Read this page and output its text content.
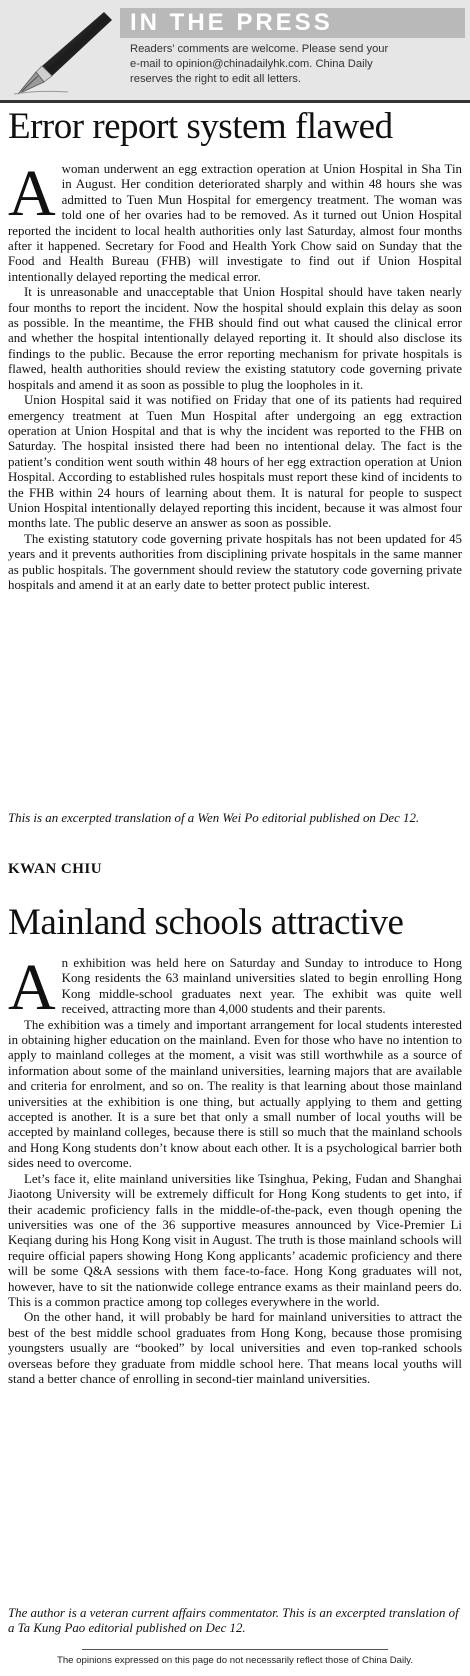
IN THE PRESS
Readers’ comments are welcome. Please send your
e-mail to opinion@chinadailyhk.com. China Daily
reserves the right to edit all letters.
Error report system flawed

Awoman underwent an egg extraction operation at Union Hospital in Sha Tin in August. Her condition deteriorated sharply and within 48 hours she was admitted to Tuen Mun Hospital for emergency treatment. The woman was told one of her ovaries had to be removed. As it turned out Union Hospital reported the incident to local health authorities only last Saturday, almost four months after it happened. Secretary for Food and Health York Chow said on Sunday that the Food and Health Bureau (FHB) will investigate to find out if Union Hospital intentionally delayed reporting the medical error.

It is unreasonable and unacceptable that Union Hospital should have taken nearly four months to report the incident. Now the hospital should explain this delay as soon as possible. In the meantime, the FHB should find out what caused the clinical error and whether the hospital intentionally delayed reporting it. It should also disclose its findings to the public. Because the error reporting mechanism for private hospitals is flawed, health authorities should review the existing statutory code governing private hospitals and amend it as soon as possible to plug the loopholes in it.

Union Hospital said it was notified on Friday that one of its patients had required emergency treatment at Tuen Mun Hospital after undergoing an egg extraction operation at Union Hospital and that is why the incident was reported to the FHB on Saturday. The hospital insisted there had been no intentional delay. The fact is the patient’s condition went south within 48 hours of her egg extraction operation at Union Hospital. According to established rules hospitals must report these kind of incidents to the FHB within 24 hours of learning about them. It is natural for people to suspect Union Hospital intentionally delayed reporting this incident, because it was almost four months late. The public deserve an answer as soon as possible.

The existing statutory code governing private hospitals has not been updated for 45 years and it prevents authorities from disciplining private hospitals in the same manner as public hospitals. The government should review the statutory code governing private hospitals and amend it at an early date to better protect public interest.

This is an excerpted translation of a Wen Wei Po editorial published on Dec 12.
KWAN CHIU
Mainland schools attractive

An exhibition was held here on Saturday and Sunday to introduce to Hong Kong residents the 63 mainland universities slated to begin enrolling Hong Kong middle-school graduates next year. The exhibit was quite well received, attracting more than 4,000 students and their parents.

The exhibition was a timely and important arrangement for local students interested in obtaining higher education on the mainland. Even for those who have no intention to apply to mainland colleges at the moment, a visit was still worthwhile as a source of information about some of the mainland universities, learning majors that are available and criteria for enrolment, and so on. The reality is that learning about those mainland universities at the exhibition is one thing, but actually applying to them and getting accepted is another. It is a sure bet that only a small number of local youths will be accepted by mainland colleges, because there is still so much that the mainland schools and Hong Kong students don’t know about each other. It is a psychological barrier both sides need to overcome.

Let’s face it, elite mainland universities like Tsinghua, Peking, Fudan and Shanghai Jiaotong University will be extremely difficult for Hong Kong students to get into, if their academic proficiency falls in the middle-of-the-pack, even though opening the universities was one of the 36 supportive measures announced by Vice-Premier Li Keqiang during his Hong Kong visit in August. The truth is those mainland schools will require official papers showing Hong Kong applicants’ academic proficiency and there will be some Q&A sessions with them face-to-face. Hong Kong graduates will not, however, have to sit the nationwide college entrance exams as their mainland peers do. This is a common practice among top colleges everywhere in the world.

On the other hand, it will probably be hard for mainland universities to attract the best of the best middle school graduates from Hong Kong, because those promising youngsters usually are “booked” by local universities and even top-ranked schools overseas before they graduate from middle school here. That means local youths will stand a better chance of enrolling in second-tier mainland universities.

The author is a veteran current affairs commentator. This is an excerpted translation of a Ta Kung Pao editorial published on Dec 12.
The opinions expressed on this page do not necessarily reflect those of China Daily.
